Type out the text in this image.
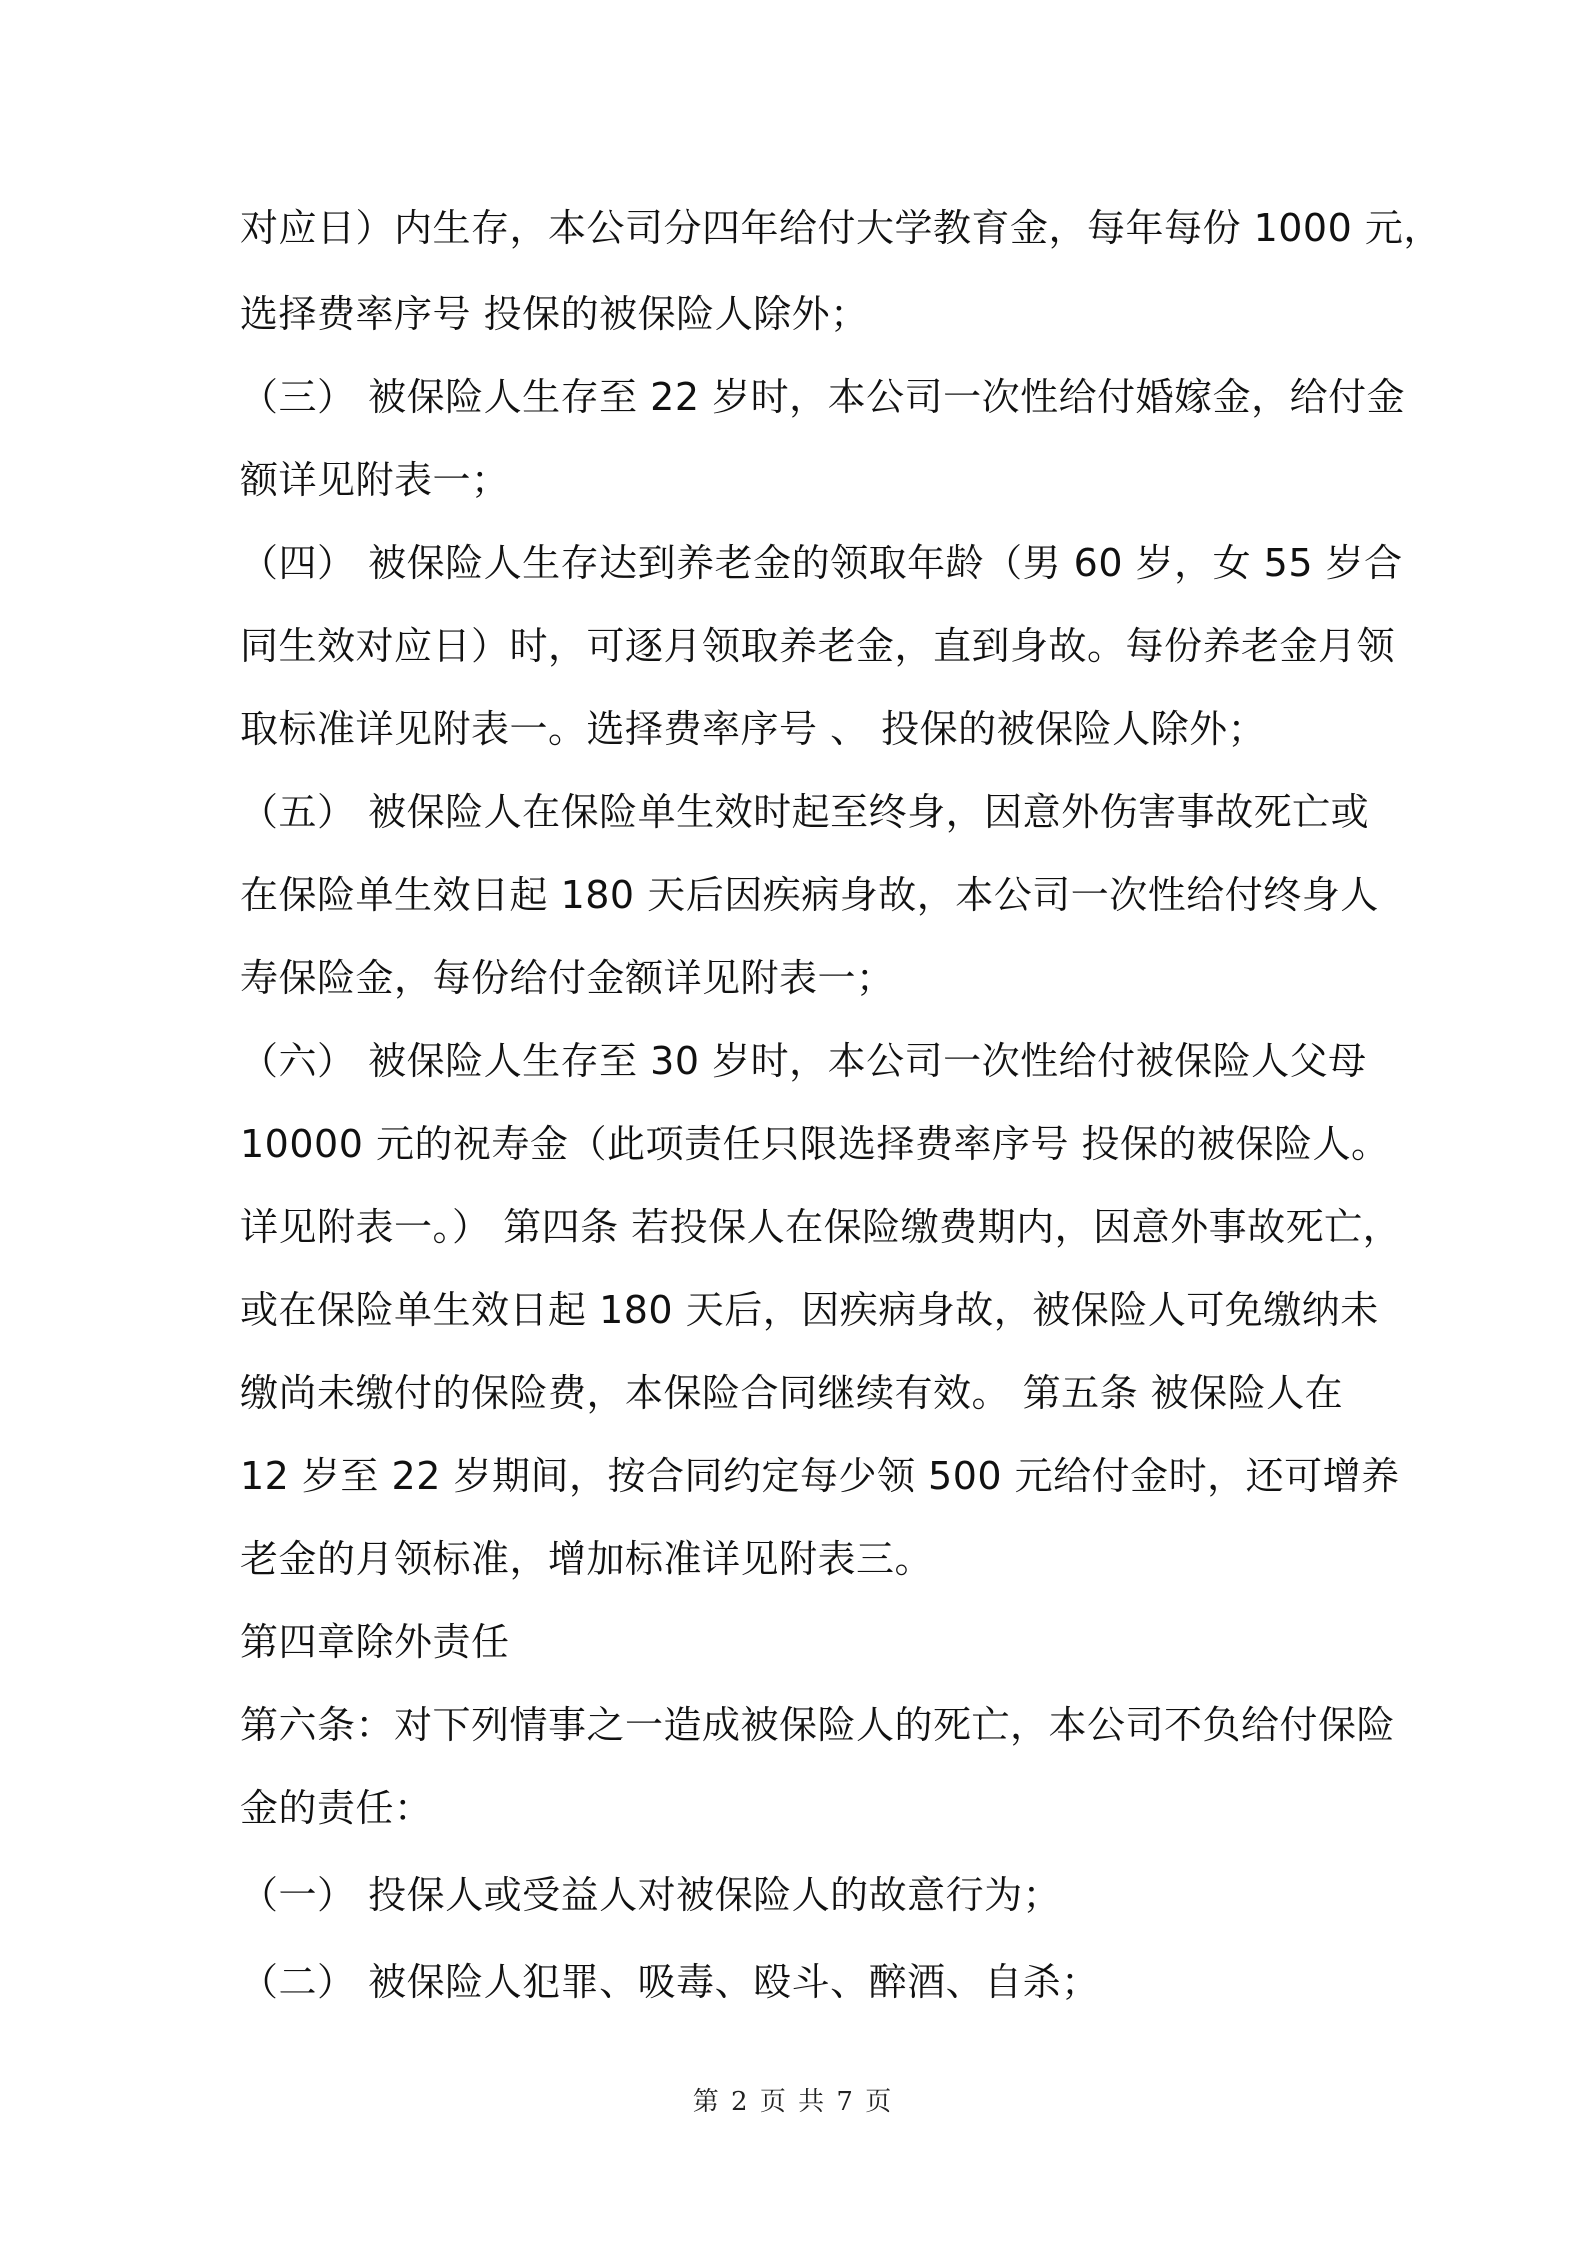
对应日）内生存，本公司分四年给付大学教育金，每年每份 1000 元，
选择费率序号 投保的被保险人除外；
（三） 被保险人生存至 22 岁时，本公司一次性给付婚嫁金，给付金
额详见附表一；
（四） 被保险人生存达到养老金的领取年龄（男 60 岁，女 55 岁合
同生效对应日）时，可逐月领取养老金，直到身故。每份养老金月领
取标准详见附表一。选择费率序号 、 投保的被保险人除外；
（五） 被保险人在保险单生效时起至终身，因意外伤害事故死亡或
在保险单生效日起 180 天后因疾病身故，本公司一次性给付终身人
寿保险金，每份给付金额详见附表一；
（六） 被保险人生存至 30 岁时，本公司一次性给付被保险人父母
10000 元的祝寿金（此项责任只限选择费率序号 投保的被保险人。
详见附表一。） 第四条 若投保人在保险缴费期内，因意外事故死亡，
或在保险单生效日起 180 天后，因疾病身故，被保险人可免缴纳未
缴尚未缴付的保险费，本保险合同继续有效。 第五条 被保险人在
12 岁至 22 岁期间，按合同约定每少领 500 元给付金时，还可增养
老金的月领标准，增加标准详见附表三。
第四章除外责任
第六条：对下列情事之一造成被保险人的死亡，本公司不负给付保险
金的责任：
（一） 投保人或受益人对被保险人的故意行为；
（二） 被保险人犯罪、吸毒、殴斗、醉酒、自杀；
第 2 页 共 7 页
